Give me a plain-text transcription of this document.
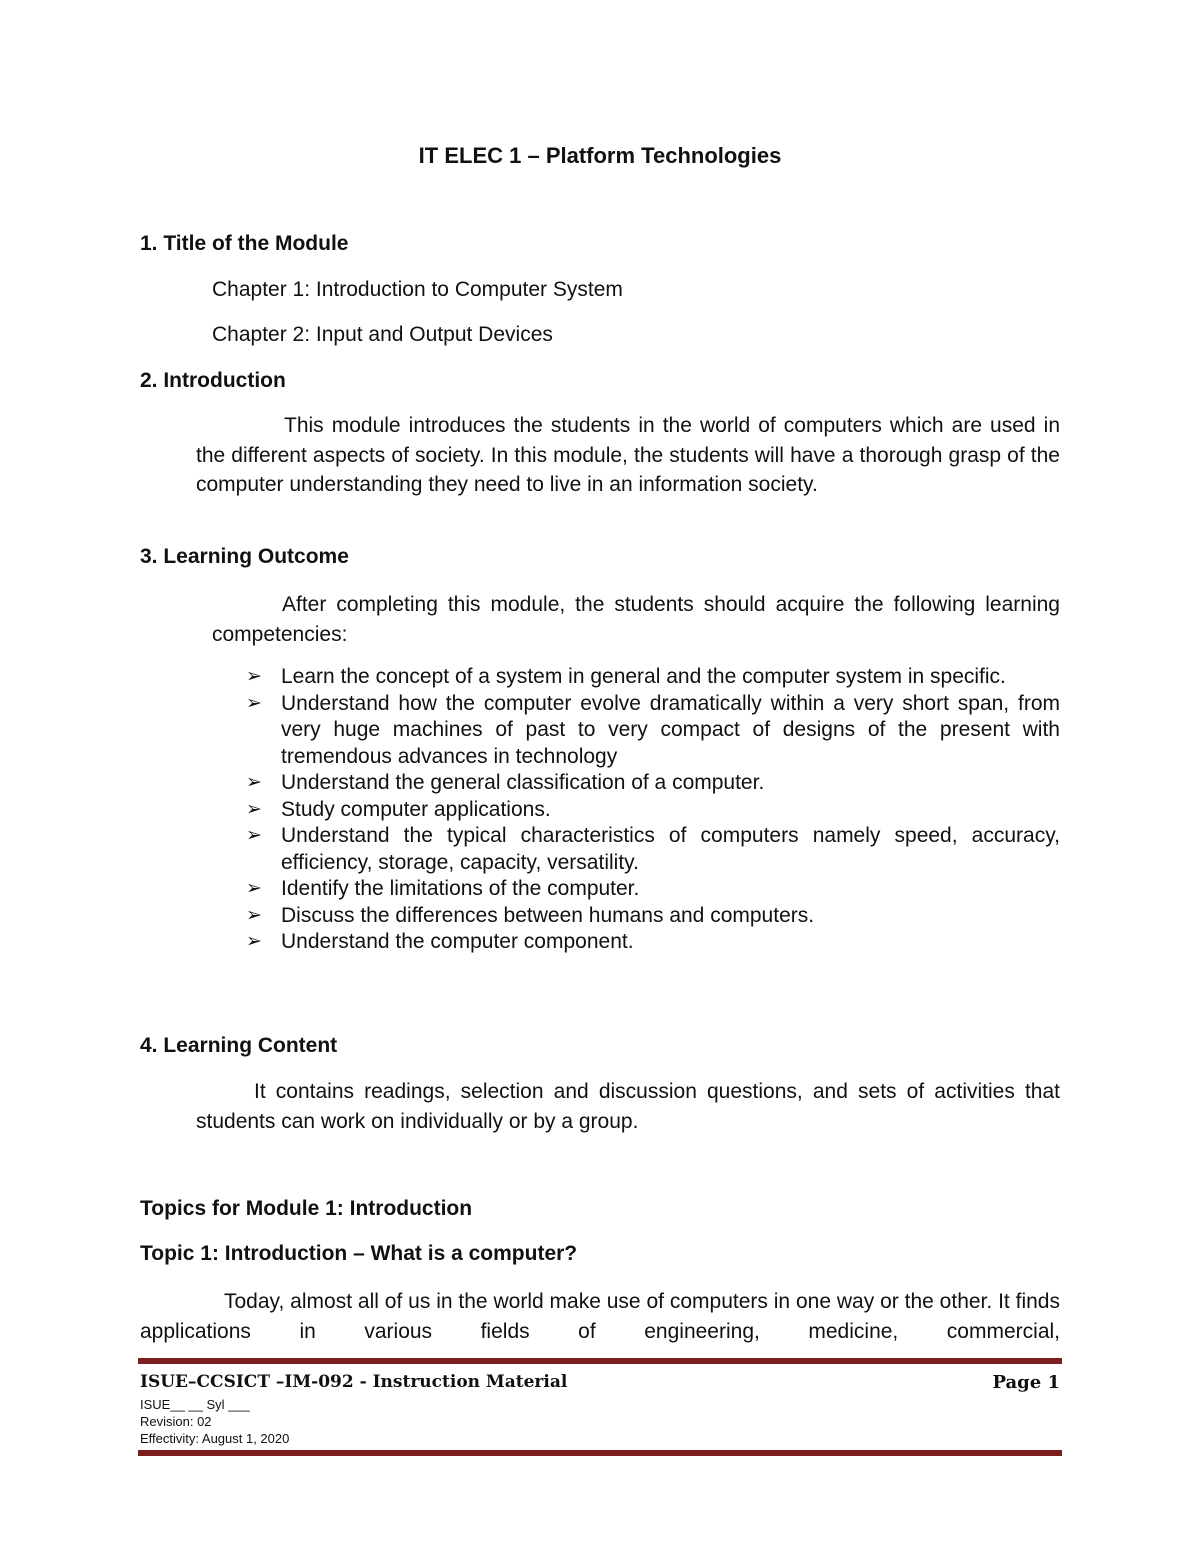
IT ELEC 1 – Platform Technologies
1. Title of the Module
Chapter 1: Introduction to Computer System
Chapter 2: Input and Output Devices
2. Introduction
This module introduces the students in the world of computers which are used in the different aspects of society. In this module, the students will have a thorough grasp of the computer understanding they need to live in an information society.
3. Learning Outcome
After completing this module, the students should acquire the following learning competencies:
➢ Learn the concept of a system in general and the computer system in specific.
➢ Understand how the computer evolve dramatically within a very short span, from very huge machines of past to very compact of designs of the present with tremendous advances in technology
➢ Understand the general classification of a computer.
➢ Study computer applications.
➢ Understand the typical characteristics of computers namely speed, accuracy, efficiency, storage, capacity, versatility.
➢ Identify the limitations of the computer.
➢ Discuss the differences between humans and computers.
➢ Understand the computer component.
4. Learning Content
It contains readings, selection and discussion questions, and sets of activities that students can work on individually or by a group.
Topics for Module 1: Introduction
Topic 1: Introduction – What is a computer?
Today, almost all of us in the world make use of computers in one way or the other. It finds applications in various fields of engineering, medicine, commercial,
ISUE–CCSICT –IM-092 - Instruction Material	Page 1
ISUE__ __ Syl ___
Revision: 02
Effectivity: August 1, 2020
